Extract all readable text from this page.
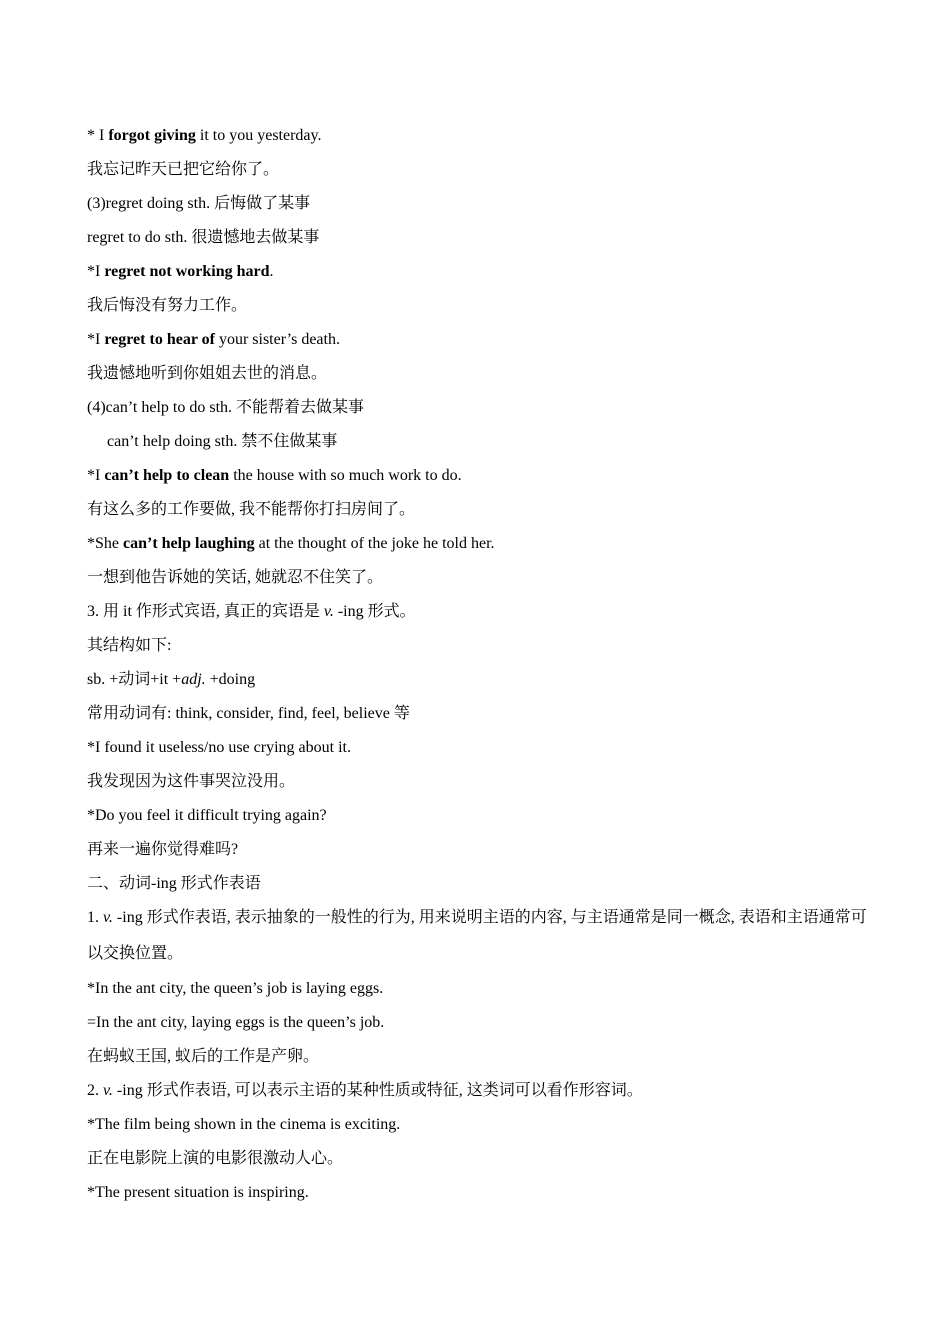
* I forgot giving it to you yesterday.
我忘记昨天已把它给你了。
(3)regret doing sth. 后悔做了某事
regret to do sth. 很遗憾地去做某事
*I regret not working hard.
我后悔没有努力工作。
*I regret to hear of your sister’s death.
我遗憾地听到你姐姐去世的消息。
(4)can’t help to do sth. 不能帮着去做某事
can’t help doing sth. 禁不住做某事
*I can’t help to clean the house with so much work to do.
有这么多的工作要做, 我不能帮你打扫房间了。
*She can’t help laughing at the thought of the joke he told her.
一想到他告诉她的笑话, 她就忍不住笑了。
3. 用 it 作形式宾语, 真正的宾语是 v. -ing 形式。
其结构如下:
sb. +动词+it +adj. +doing
常用动词有: think, consider, find, feel, believe 等
*I found it useless/no use crying about it.
我发现因为这件事哭泣没用。
*Do you feel it difficult trying again?
再来一遍你觉得难吗?
二、动词-ing 形式作表语
1. v. -ing 形式作表语, 表示抽象的一般性的行为, 用来说明主语的内容, 与主语通常是同一概念, 表语和主语通常可以交换位置。
*In the ant city, the queen’s job is laying eggs.
=In the ant city, laying eggs is the queen’s job.
在蚂蚁王国, 蚁后的工作是产卵。
2. v. -ing 形式作表语, 可以表示主语的某种性质或特征, 这类词可以看作形容词。
*The film being shown in the cinema is exciting.
正在电影院上演的电影很激动人心。
*The present situation is inspiring.
